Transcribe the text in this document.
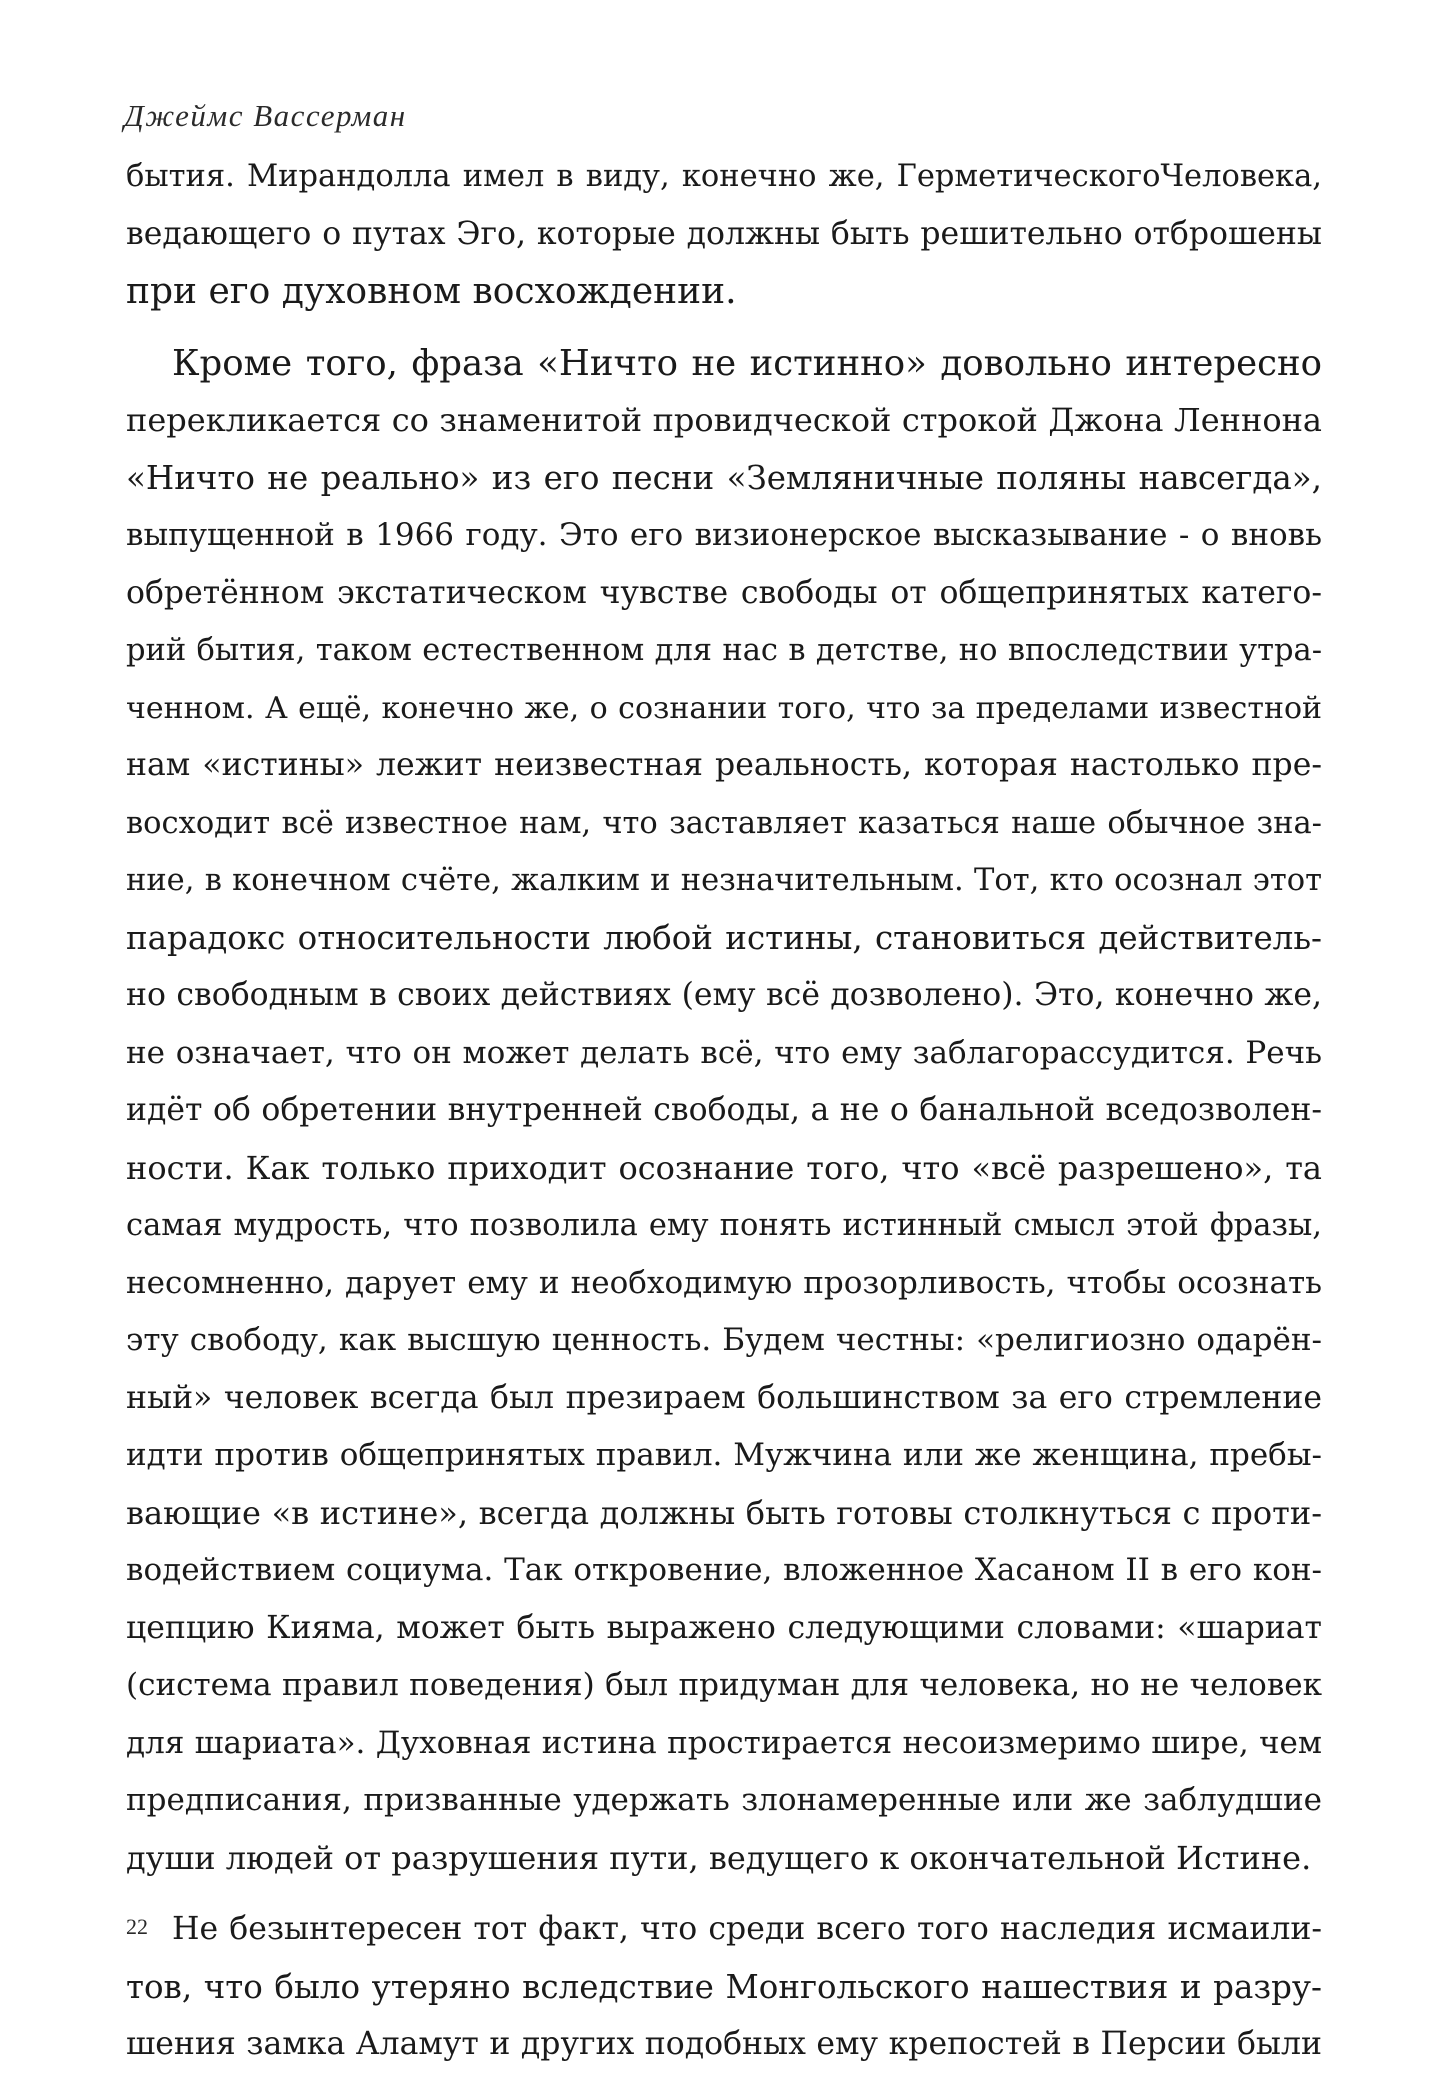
Джеймс Вассерман
бытия. Мирандолла имел в виду, конечно же, ГерметическогоЧеловека,
ведающего о путах Эго, которые должны быть решительно отброшены
при его духовном восхождении.
Кроме того, фраза «Ничто не истинно» довольно интересно
перекликается со знаменитой провидческой строкой Джона Леннона
«Ничто не реально» из его песни «Земляничные поляны навсегда»,
выпущенной в 1966 году. Это его визионерское высказывание - о вновь
обретённом экстатическом чувстве свободы от общепринятых катего-
рий бытия, таком естественном для нас в детстве, но впоследствии утра-
ченном. А ещё, конечно же, о сознании того, что за пределами известной
нам «истины» лежит неизвестная реальность, которая настолько пре-
восходит всё известное нам, что заставляет казаться наше обычное зна-
ние, в конечном счёте, жалким и незначительным. Тот, кто осознал этот
парадокс относительности любой истины, становиться действитель-
но свободным в своих действиях (ему всё дозволено). Это, конечно же,
не означает, что он может делать всё, что ему заблагорассудится. Речь
идёт об обретении внутренней свободы, а не о банальной вседозволен-
ности. Как только приходит осознание того, что «всё разрешено», та
самая мудрость, что позволила ему понять истинный смысл этой фразы,
несомненно, дарует ему и необходимую прозорливость, чтобы осознать
эту свободу, как высшую ценность. Будем честны: «религиозно одарён-
ный» человек всегда был презираем большинством за его стремление
идти против общепринятых правил. Мужчина или же женщина, пребы-
вающие «в истине», всегда должны быть готовы столкнуться с проти-
водействием социума. Так откровение, вложенное Хасаном II в его кон-
цепцию Кияма, может быть выражено следующими словами: «шариат
(система правил поведения) был придуман для человека, но не человек
для шариата». Духовная истина простирается несоизмеримо шире, чем
предписания, призванные удержать злонамеренные или же заблудшие
души людей от разрушения пути, ведущего к окончательной Истине.
Не безынтересен тот факт, что среди всего того наследия исмаили-
тов, что было утеряно вследствие Монгольского нашествия и разру-
шения замка Аламут и других подобных ему крепостей в Персии были
22
